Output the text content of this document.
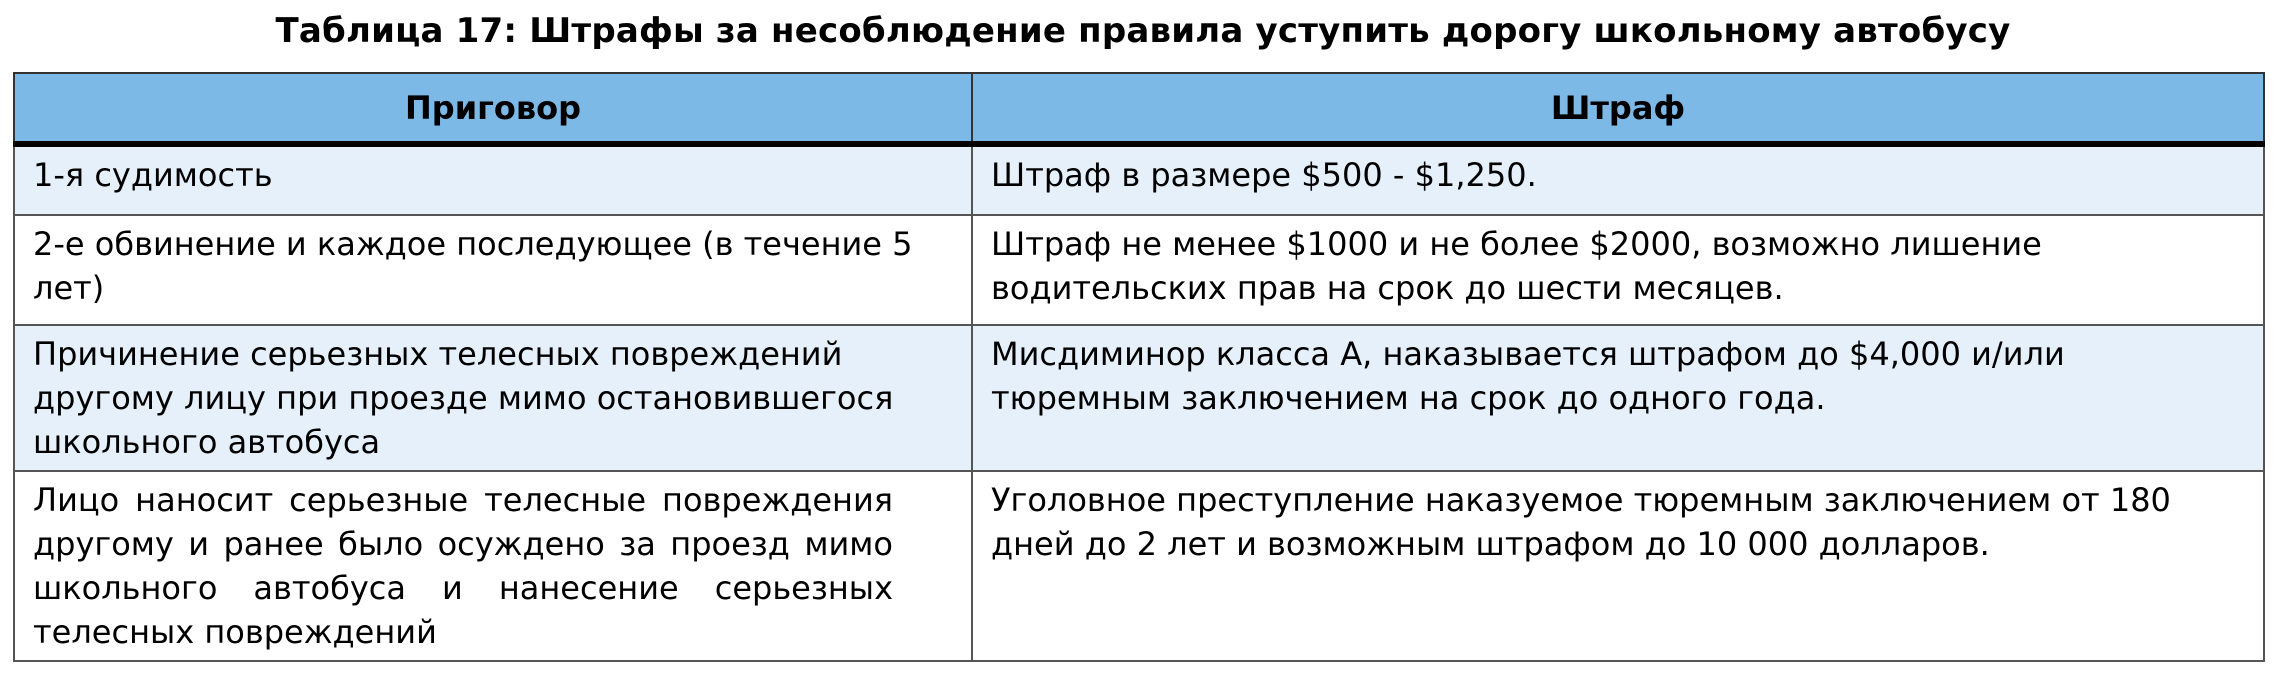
Таблица 17: Штрафы за несоблюдение правила уступить дорогу школьному автобусу
Приговор	Штраф
1-я судимость	Штраф в размере $500 - $1,250.
2-е обвинение и каждое последующее (в течение 5 лет)	Штраф не менее $1000 и не более $2000, возможно лишение водительских прав на срок до шести месяцев.
Причинение серьезных телесных повреждений другому лицу при проезде мимо остановившегося школьного автобуса	Мисдиминор класса A, наказывается штрафом до $4,000 и/или тюремным заключением на срок до одного года.

Лицо наносит серьезные телесные повреждения другому и ранее было осуждено за проезд мимо школьного автобуса и нанесение серьезных телесных повреждений	Уголовное преступление наказуемое тюремным заключением от 180 дней до 2 лет и возможным штрафом до 10 000 долларов.
